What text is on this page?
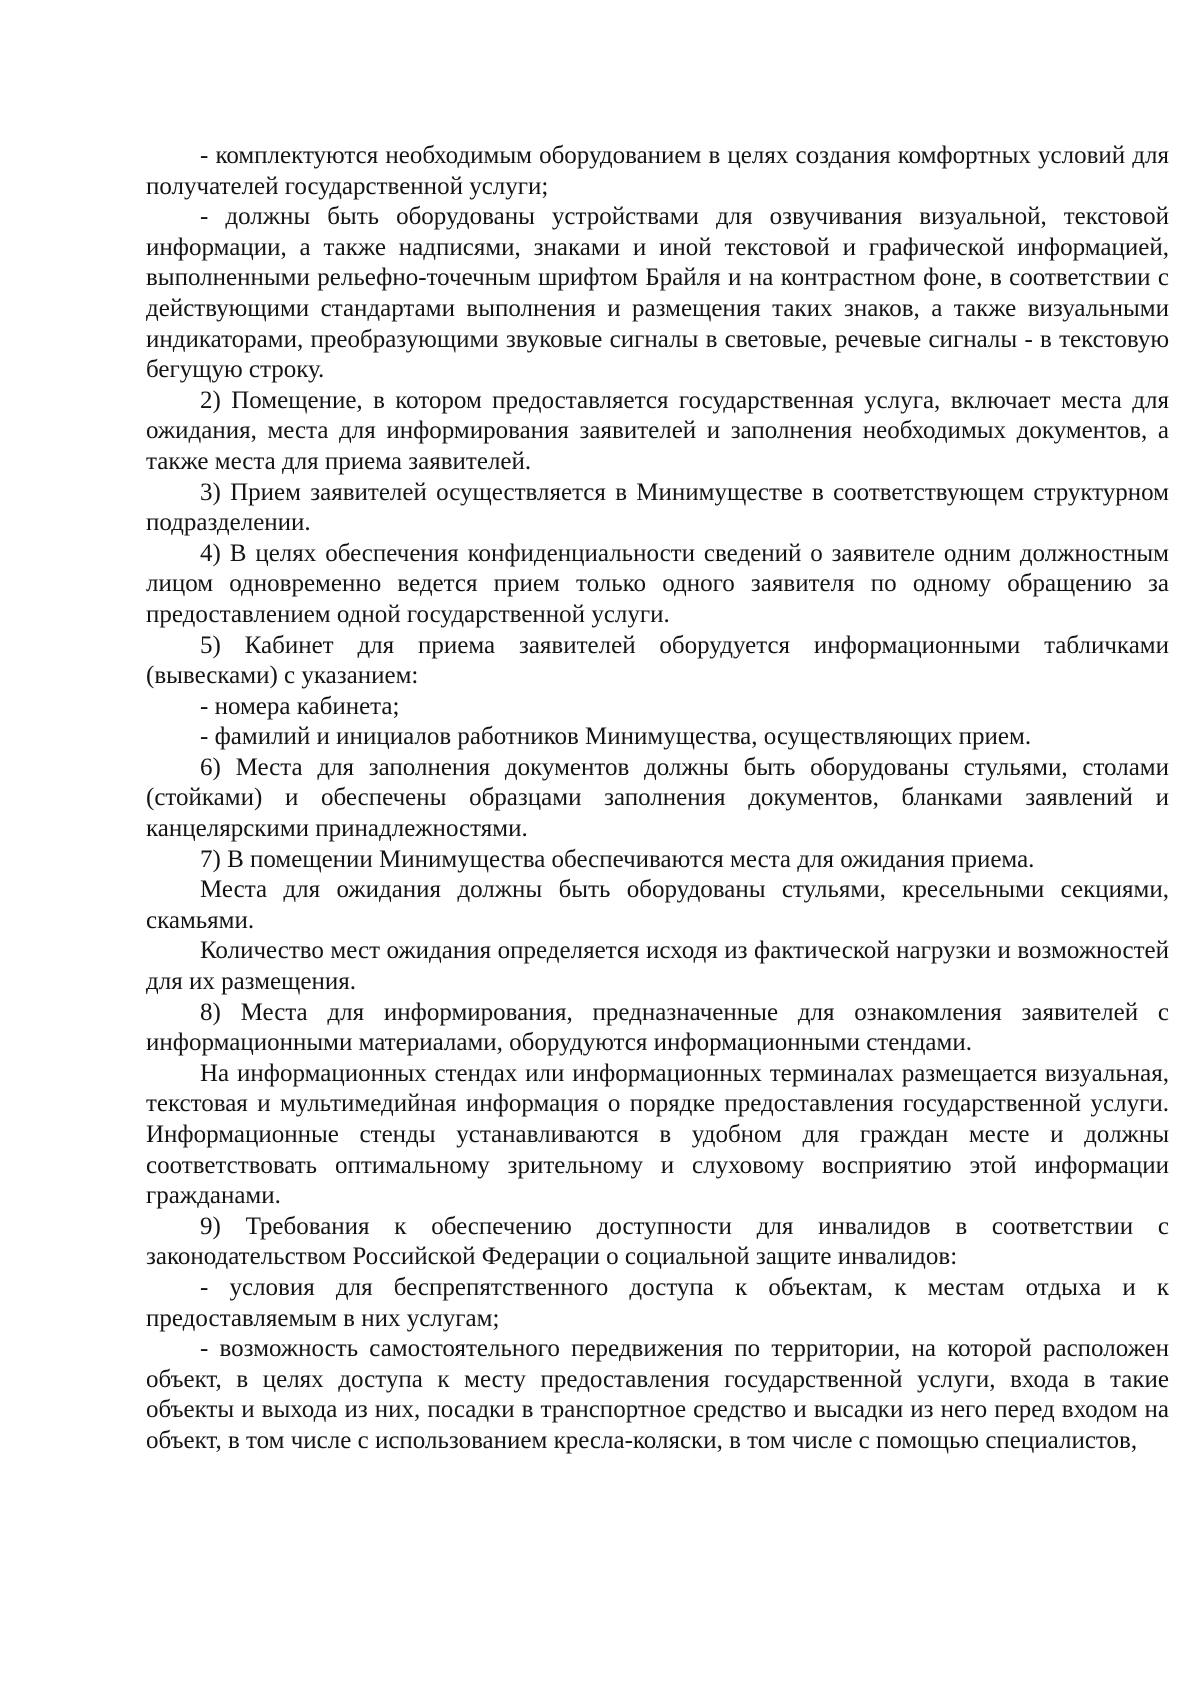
- комплектуются необходимым оборудованием в целях создания комфортных условий для получателей государственной услуги;

- должны быть оборудованы устройствами для озвучивания визуальной, текстовой информации, а также надписями, знаками и иной текстовой и графической информацией, выполненными рельефно-точечным шрифтом Брайля и на контрастном фоне, в соответствии с действующими стандартами выполнения и размещения таких знаков, а также визуальными индикаторами, преобразующими звуковые сигналы в световые, речевые сигналы - в текстовую бегущую строку.

2) Помещение, в котором предоставляется государственная услуга, включает места для ожидания, места для информирования заявителей и заполнения необходимых документов, а также места для приема заявителей.

3) Прием заявителей осуществляется в Минимуществе в соответствующем структурном подразделении.

4) В целях обеспечения конфиденциальности сведений о заявителе одним должностным лицом одновременно ведется прием только одного заявителя по одному обращению за предоставлением одной государственной услуги.

5) Кабинет для приема заявителей оборудуется информационными табличками (вывесками) с указанием:

- номера кабинета;

- фамилий и инициалов работников Минимущества, осуществляющих прием.

6) Места для заполнения документов должны быть оборудованы стульями, столами (стойками) и обеспечены образцами заполнения документов, бланками заявлений и канцелярскими принадлежностями.

7) В помещении Минимущества обеспечиваются места для ожидания приема.

Места для ожидания должны быть оборудованы стульями, кресельными секциями, скамьями.

Количество мест ожидания определяется исходя из фактической нагрузки и возможностей для их размещения.

8) Места для информирования, предназначенные для ознакомления заявителей с информационными материалами, оборудуются информационными стендами.

На информационных стендах или информационных терминалах размещается визуальная, текстовая и мультимедийная информация о порядке предоставления государственной услуги. Информационные стенды устанавливаются в удобном для граждан месте и должны соответствовать оптимальному зрительному и слуховому восприятию этой информации гражданами.

9) Требования к обеспечению доступности для инвалидов в соответствии с законодательством Российской Федерации о социальной защите инвалидов:

- условия для беспрепятственного доступа к объектам, к местам отдыха и к предоставляемым в них услугам;

- возможность самостоятельного передвижения по территории, на которой расположен объект, в целях доступа к месту предоставления государственной услуги, входа в такие объекты и выхода из них, посадки в транспортное средство и высадки из него перед входом на объект, в том числе с использованием кресла-коляски, в том числе с помощью специалистов,
